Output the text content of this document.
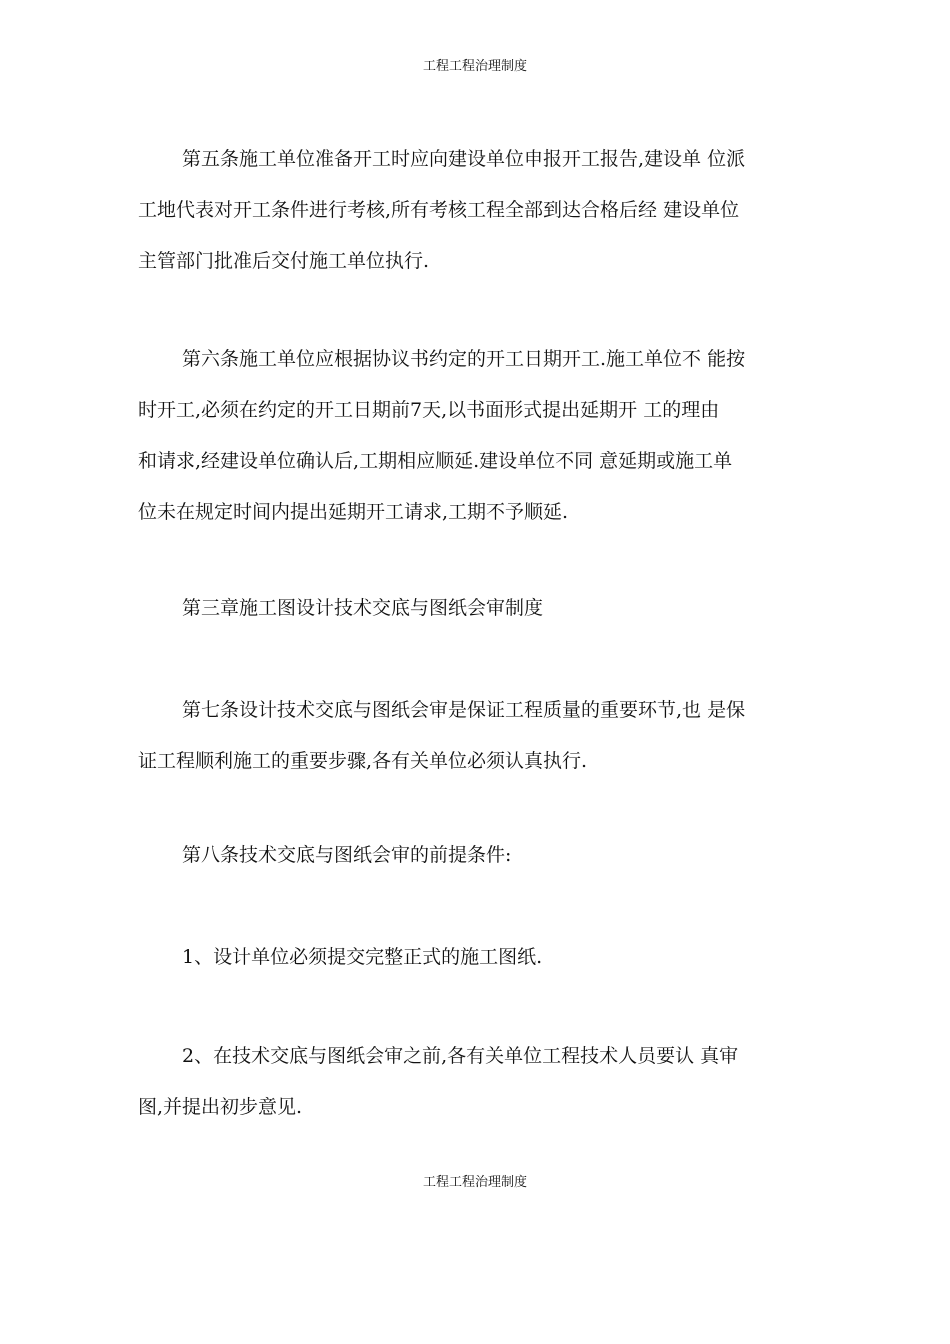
工程工程治理制度
第五条施工单位准备开工时应向建设单位申报开工报告,建设单 位派
工地代表对开工条件进行考核,所有考核工程全部到达合格后经 建设单位
主管部门批准后交付施工单位执行.
第六条施工单位应根据协议书约定的开工日期开工.施工单位不 能按
时开工,必须在约定的开工日期前7天,以书面形式提出延期开 工的理由
和请求,经建设单位确认后,工期相应顺延.建设单位不同 意延期或施工单
位未在规定时间内提出延期开工请求,工期不予顺延.
第三章施工图设计技术交底与图纸会审制度
第七条设计技术交底与图纸会审是保证工程质量的重要环节,也 是保
证工程顺利施工的重要步骤,各有关单位必须认真执行.
第八条技术交底与图纸会审的前提条件:
1、设计单位必须提交完整正式的施工图纸.
2、在技术交底与图纸会审之前,各有关单位工程技术人员要认 真审
图,并提出初步意见.
工程工程治理制度
